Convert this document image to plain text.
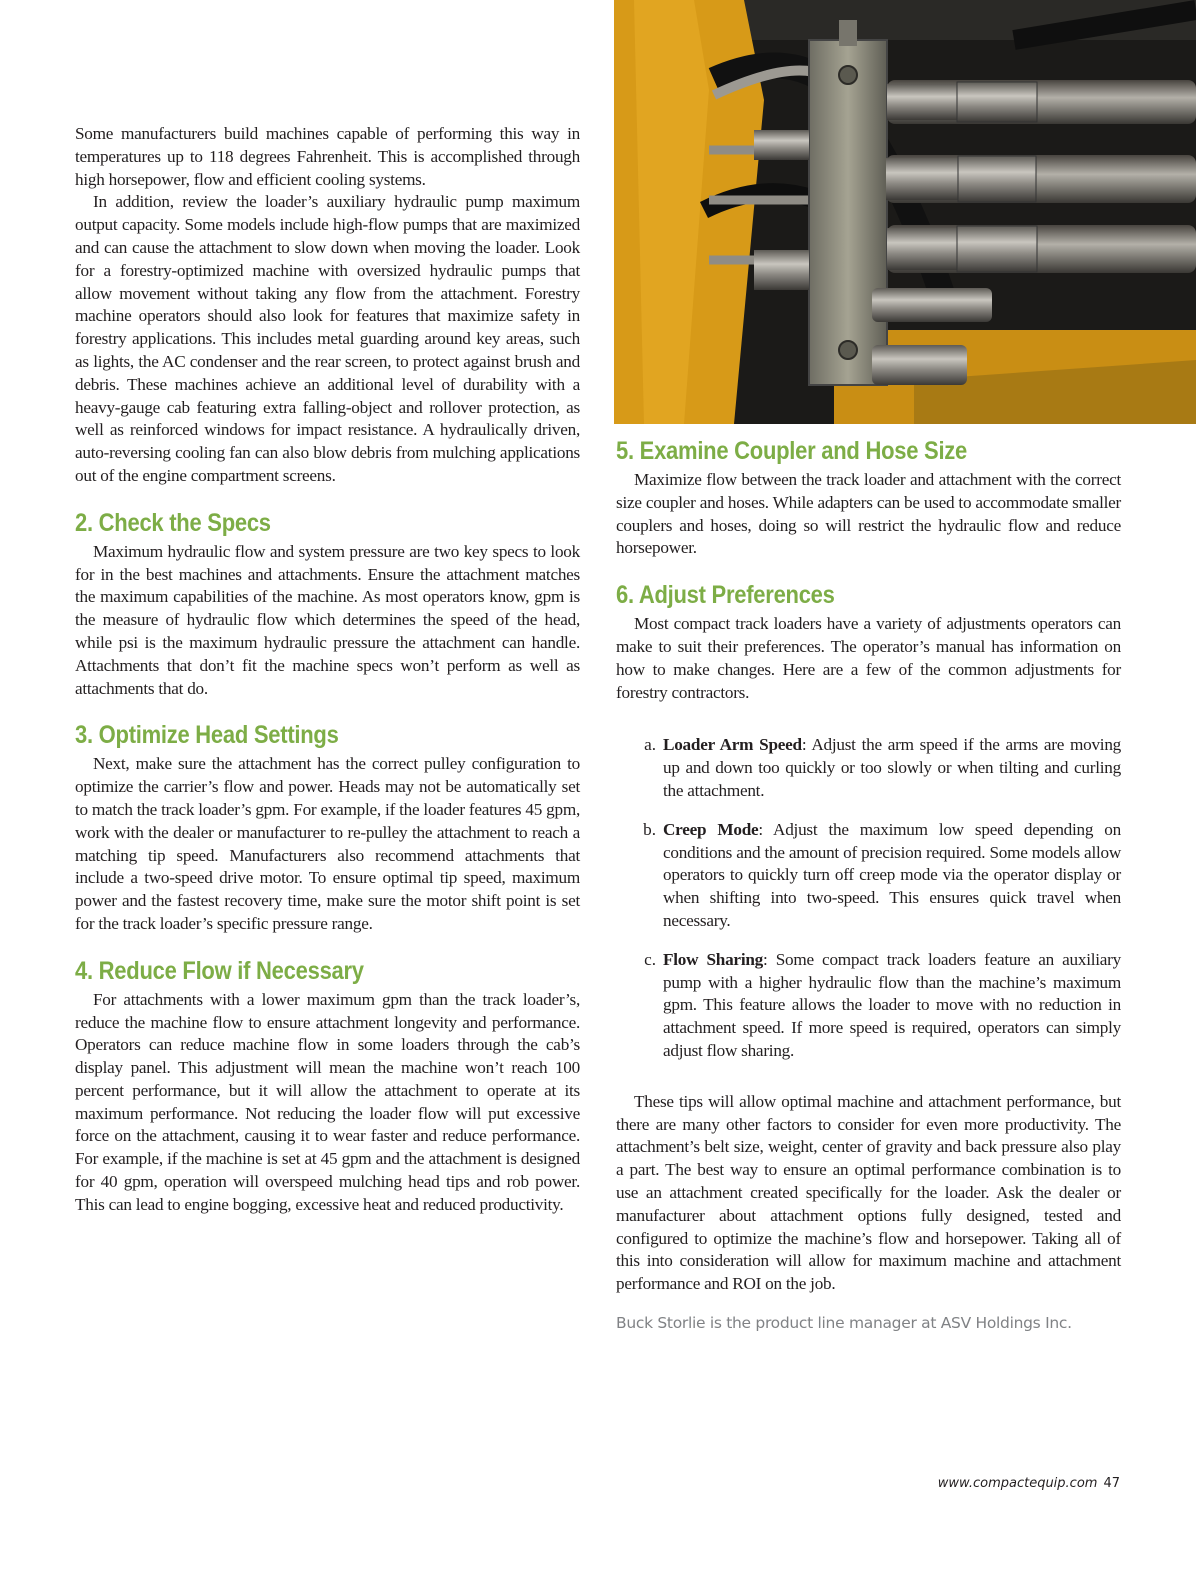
Some manufacturers build machines capable of performing this way in temperatures up to 118 degrees Fahrenheit. This is accomplished through high horsepower, flow and efficient cooling systems.

In addition, review the loader’s auxiliary hydraulic pump maximum output capacity. Some models include high-flow pumps that are maximized and can cause the attachment to slow down when moving the loader. Look for a forestry-optimized machine with oversized hydraulic pumps that allow movement without taking any flow from the attachment. Forestry machine operators should also look for features that maximize safety in forestry applications. This includes metal guarding around key areas, such as lights, the AC condenser and the rear screen, to protect against brush and debris. These machines achieve an additional level of durability with a heavy-gauge cab featuring extra falling-object and rollover protection, as well as reinforced windows for impact resistance. A hydraulically driven, auto-reversing cooling fan can also blow debris from mulching applications out of the engine compartment screens.

2. Check the Specs

Maximum hydraulic flow and system pressure are two key specs to look for in the best machines and attachments. Ensure the attachment matches the maximum capabilities of the machine. As most operators know, gpm is the measure of hydraulic flow which determines the speed of the head, while psi is the maximum hydraulic pressure the attachment can handle. Attachments that don’t fit the machine specs won’t perform as well as attachments that do.

3. Optimize Head Settings

Next, make sure the attachment has the correct pulley configuration to optimize the carrier’s flow and power. Heads may not be automatically set to match the track loader’s gpm. For example, if the loader features 45 gpm, work with the dealer or manufacturer to re-pulley the attachment to reach a matching tip speed. Manufacturers also recommend attachments that include a two-speed drive motor. To ensure optimal tip speed, maximum power and the fastest recovery time, make sure the motor shift point is set for the track loader’s specific pressure range.

4. Reduce Flow if Necessary

For attachments with a lower maximum gpm than the track loader’s, reduce the machine flow to ensure attachment longevity and performance. Operators can reduce machine flow in some loaders through the cab’s display panel. This adjustment will mean the machine won’t reach 100 percent performance, but it will allow the attachment to operate at its maximum performance. Not reducing the loader flow will put excessive force on the attachment, causing it to wear faster and reduce performance. For example, if the machine is set at 45 gpm and the attachment is designed for 40 gpm, operation will overspeed mulching head tips and rob power. This can lead to engine bogging, excessive heat and reduced productivity.

5. Examine Coupler and Hose Size

Maximize flow between the track loader and attachment with the correct size coupler and hoses. While adapters can be used to accommodate smaller couplers and hoses, doing so will restrict the hydraulic flow and reduce horsepower.

6. Adjust Preferences

Most compact track loaders have a variety of adjustments operators can make to suit their preferences. The operator’s manual has information on how to make changes. Here are a few of the common adjustments for forestry contractors.

a. Loader Arm Speed: Adjust the arm speed if the arms are moving up and down too quickly or too slowly or when tilting and curling the attachment.

b. Creep Mode: Adjust the maximum low speed depending on conditions and the amount of precision required. Some models allow operators to quickly turn off creep mode via the operator display or when shifting into two-speed. This ensures quick travel when necessary.

c. Flow Sharing: Some compact track loaders feature an auxiliary pump with a higher hydraulic flow than the machine’s maximum gpm. This feature allows the loader to move with no reduction in attachment speed. If more speed is required, operators can simply adjust flow sharing.

These tips will allow optimal machine and attachment performance, but there are many other factors to consider for even more productivity. The attachment’s belt size, weight, center of gravity and back pressure also play a part. The best way to ensure an optimal performance combination is to use an attachment created specifically for the loader. Ask the dealer or manufacturer about attachment options fully designed, tested and configured to optimize the machine’s flow and horsepower. Taking all of this into consideration will allow for maximum machine and attachment performance and ROI on the job.

Buck Storlie is the product line manager at ASV Holdings Inc.
www.compactequip.com 47
